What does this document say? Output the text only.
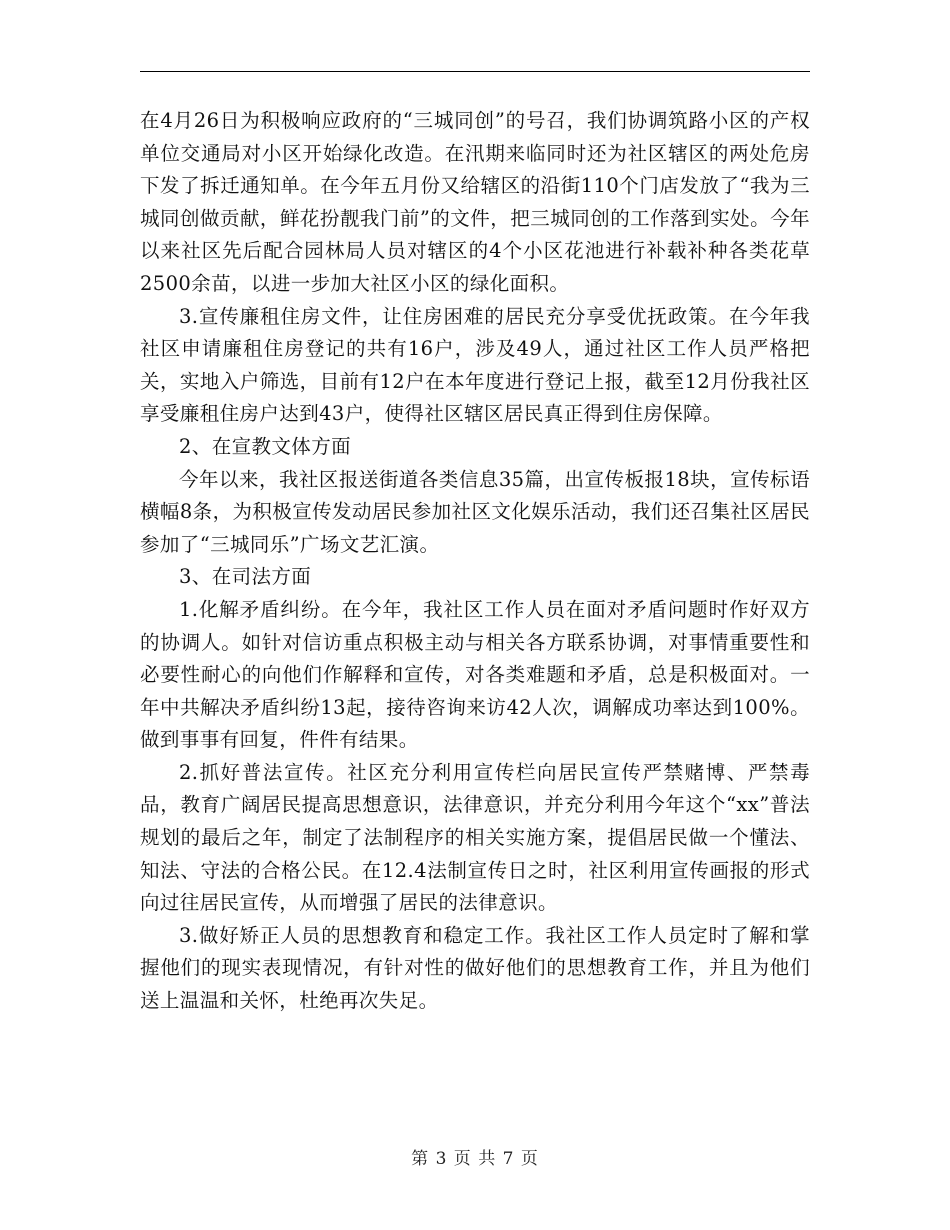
在4月26日为积极响应政府的“三城同创”的号召，我们协调筑路小区的产权单位交通局对小区开始绿化改造。在汛期来临同时还为社区辖区的两处危房下发了拆迁通知单。在今年五月份又给辖区的沿街110个门店发放了“我为三城同创做贡献，鲜花扮靓我门前”的文件，把三城同创的工作落到实处。今年以来社区先后配合园林局人员对辖区的4个小区花池进行补载补种各类花草2500余苗，以进一步加大社区小区的绿化面积。

3.宣传廉租住房文件，让住房困难的居民充分享受优抚政策。在今年我社区申请廉租住房登记的共有16户，涉及49人，通过社区工作人员严格把关，实地入户筛选，目前有12户在本年度进行登记上报，截至12月份我社区享受廉租住房户达到43户，使得社区辖区居民真正得到住房保障。

2、在宣教文体方面

今年以来，我社区报送街道各类信息35篇，出宣传板报18块，宣传标语横幅8条，为积极宣传发动居民参加社区文化娱乐活动，我们还召集社区居民参加了“三城同乐”广场文艺汇演。

3、在司法方面

1.化解矛盾纠纷。在今年，我社区工作人员在面对矛盾问题时作好双方的协调人。如针对信访重点积极主动与相关各方联系协调，对事情重要性和必要性耐心的向他们作解释和宣传，对各类难题和矛盾，总是积极面对。一年中共解决矛盾纠纷13起，接待咨询来访42人次，调解成功率达到100%。做到事事有回复，件件有结果。

2.抓好普法宣传。社区充分利用宣传栏向居民宣传严禁赌博、严禁毒品，教育广阔居民提高思想意识，法律意识，并充分利用今年这个“xx”普法规划的最后之年，制定了法制程序的相关实施方案，提倡居民做一个懂法、知法、守法的合格公民。在12.4法制宣传日之时，社区利用宣传画报的形式向过往居民宣传，从而增强了居民的法律意识。

3.做好矫正人员的思想教育和稳定工作。我社区工作人员定时了解和掌握他们的现实表现情况，有针对性的做好他们的思想教育工作，并且为他们送上温温和关怀，杜绝再次失足。

第 3 页 共 7 页
